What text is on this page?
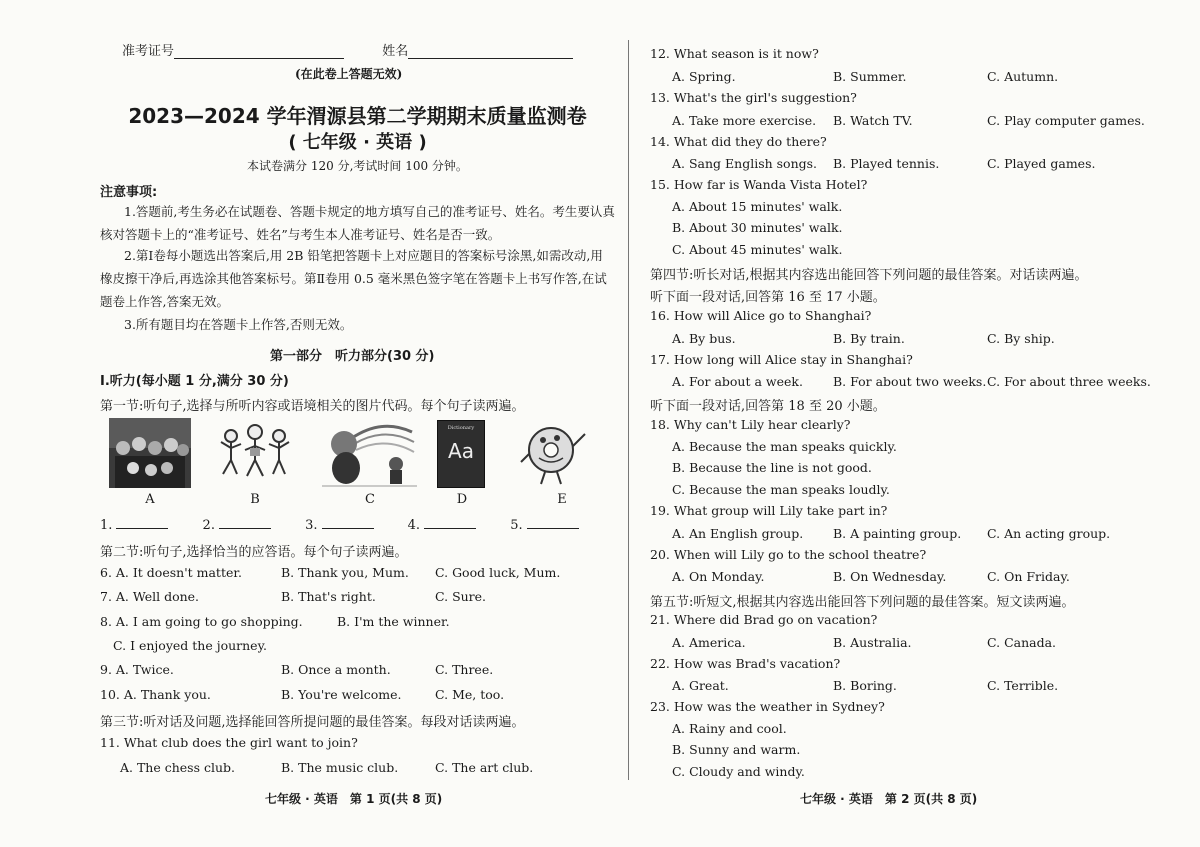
准考证号	姓名
(在此卷上答题无效)
2023—2024 学年渭源县第二学期期末质量监测卷
( 七年级 · 英语 )
本试卷满分 120 分,考试时间 100 分钟。
注意事项:
1.答题前,考生务必在试题卷、答题卡规定的地方填写自己的准考证号、姓名。考生要认真核对答题卡上的“准考证号、姓名”与考生本人准考证号、姓名是否一致。
2.第Ⅰ卷每小题选出答案后,用 2B 铅笔把答题卡上对应题目的答案标号涂黑,如需改动,用橡皮擦干净后,再选涂其他答案标号。第Ⅱ卷用 0.5 毫米黑色签字笔在答题卡上书写作答,在试题卷上作答,答案无效。
3.所有题目均在答题卡上作答,否则无效。
第一部分　听力部分(30 分)
Ⅰ.听力(每小题 1 分,满分 30 分)
第一节:听句子,选择与所听内容或语境相关的图片代码。每个句子读两遍。
A	B	C
Dictionary
Aa
D	E
1.	2.	3.	4.	5.
第二节:听句子,选择恰当的应答语。每个句子读两遍。
6. A. It doesn't matter.	B. Thank you, Mum. C. Good luck, Mum.
7. A. Well done.	B. That's right.	C. Sure.
8. A. I am going to go shopping.	B. I'm the winner.
C. I enjoyed the journey.
9. A. Twice.	B. Once a month.	C. Three.
10. A. Thank you.	B. You're welcome.	C. Me, too.
第三节:听对话及问题,选择能回答所提问题的最佳答案。每段对话读两遍。
11. What club does the girl want to join?
A. The chess club.	B. The music club.	C. The art club.
七年级 · 英语　第 1 页(共 8 页)
12. What season is it now?
A. Spring.	B. Summer.	C. Autumn.
13. What's the girl's suggestion?
A. Take more exercise. B. Watch TV.	C. Play computer games.
14. What did they do there?
A. Sang English songs. B. Played tennis.	C. Played games.
15. How far is Wanda Vista Hotel?
A. About 15 minutes' walk.
B. About 30 minutes' walk.
C. About 45 minutes' walk.
第四节:听长对话,根据其内容选出能回答下列问题的最佳答案。对话读两遍。
听下面一段对话,回答第 16 至 17 小题。
16. How will Alice go to Shanghai?
A. By bus.	B. By train.	C. By ship.
17. How long will Alice stay in Shanghai?
A. For about a week. B. For about two weeks. C. For about three weeks.
听下面一段对话,回答第 18 至 20 小题。
18. Why can't Lily hear clearly?
A. Because the man speaks quickly.
B. Because the line is not good.
C. Because the man speaks loudly.
19. What group will Lily take part in?
A. An English group. B. A painting group. C. An acting group.
20. When will Lily go to the school theatre?
A. On Monday.	B. On Wednesday.	C. On Friday.
第五节:听短文,根据其内容选出能回答下列问题的最佳答案。短文读两遍。
21. Where did Brad go on vacation?
A. America.	B. Australia.	C. Canada.
22. How was Brad's vacation?
A. Great.	B. Boring.	C. Terrible.
23. How was the weather in Sydney?
A. Rainy and cool.
B. Sunny and warm.
C. Cloudy and windy.
七年级 · 英语　第 2 页(共 8 页)
